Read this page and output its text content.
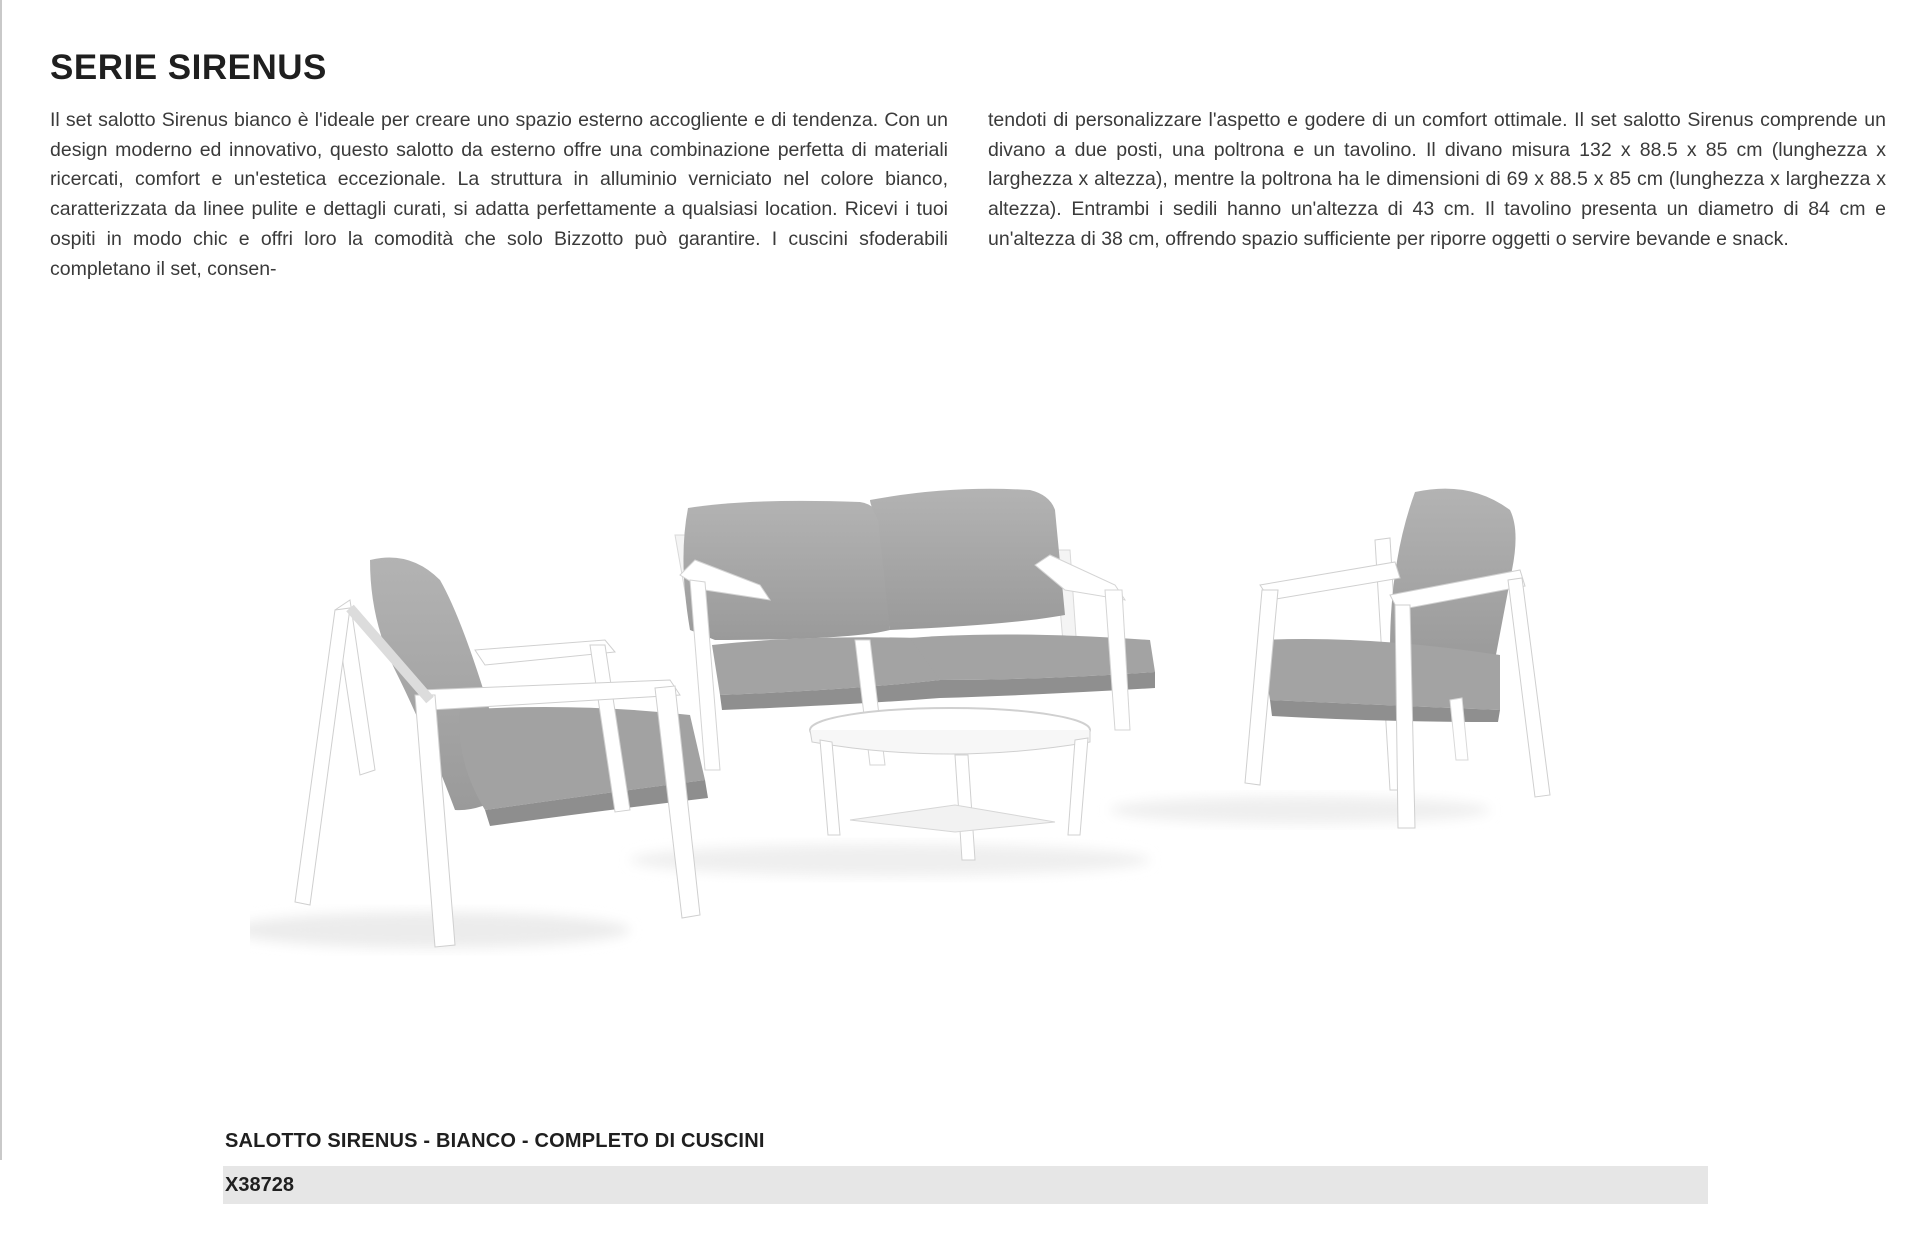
SERIE SIRENUS

Il set salotto Sirenus bianco è l'ideale per creare uno spazio esterno accogliente e di tendenza. Con un design moderno ed innovativo, questo salotto da esterno offre una combinazione perfetta di materiali ricercati, comfort e un'estetica eccezionale. La struttura in alluminio verniciato nel colore bianco, caratterizzata da linee pulite e dettagli curati, si adatta perfettamente a qualsiasi location. Ricevi i tuoi ospiti in modo chic e offri loro la comodità che solo Bizzotto può garantire. I cuscini sfoderabili completano il set, consen-

tendoti di personalizzare l'aspetto e godere di un comfort ottimale. Il set salotto Sirenus comprende un divano a due posti, una poltrona e un tavolino. Il divano misura 132 x 88.5 x 85 cm (lunghezza x larghezza x altezza), mentre la poltrona ha le dimensioni di 69 x 88.5 x 85 cm (lunghezza x larghezza x altezza). Entrambi i sedili hanno un'altezza di 43 cm. Il tavolino presenta un diametro di 84 cm e un'altezza di 38 cm, offrendo spazio sufficiente per riporre oggetti o servire bevande e snack.

SALOTTO SIRENUS - BIANCO - COMPLETO DI CUSCINI
X38728
